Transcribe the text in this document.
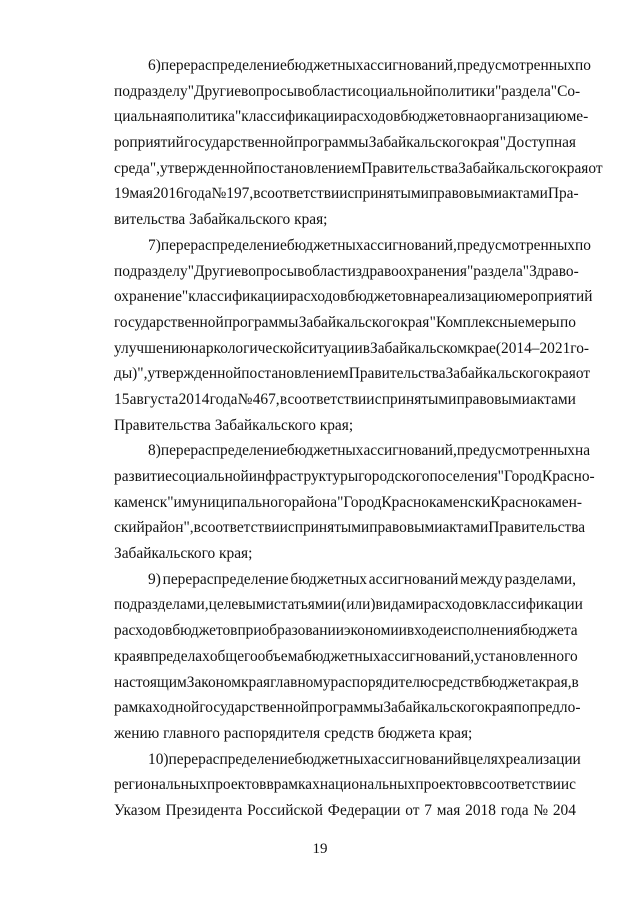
6) перераспределение бюджетных ассигнований, предусмотренных по
подразделу "Другие вопросы в области социальной политики" раздела "Со-
циальная политика" классификации расходов бюджетов на организацию ме-
роприятий государственной программы Забайкальского края "Доступная
среда", утвержденной постановлением Правительства Забайкальского края от
19 мая 2016 года № 197, в соответствии с принятыми правовыми актами Пра-
вительства Забайкальского края;
7) перераспределение бюджетных ассигнований, предусмотренных по
подразделу "Другие вопросы в области здравоохранения" раздела "Здраво-
охранение" классификации расходов бюджетов на реализацию мероприятий
государственной программы Забайкальского края "Комплексные меры по
улучшению наркологической ситуации в Забайкальском крае (2014–2021 го-
ды)", утвержденной постановлением Правительства Забайкальского края от
15 августа 2014 года № 467, в соответствии с принятыми правовыми актами
Правительства Забайкальского края;
8) перераспределение бюджетных ассигнований, предусмотренных на
развитие социальной инфраструктуры городского поселения "Город Красно-
каменск" и муниципального района "Город Краснокаменск и Краснокамен-
ский район", в соответствии с принятыми правовыми актами Правительства
Забайкальского края;
9) перераспределение бюджетных ассигнований между разделами,
подразделами, целевыми статьями и (или) видами расходов классификации
расходов бюджетов при образовании экономии в ходе исполнения бюджета
края в пределах общего объема бюджетных ассигнований, установленного
настоящим Законом края главному распорядителю средств бюджета края, в
рамках одной государственной программы Забайкальского края по предло-
жению главного распорядителя средств бюджета края;
10) перераспределение бюджетных ассигнований в целях реализации
региональных проектов в рамках национальных проектов в соответствии с
Указом Президента Российской Федерации от 7 мая 2018 года № 204
19
